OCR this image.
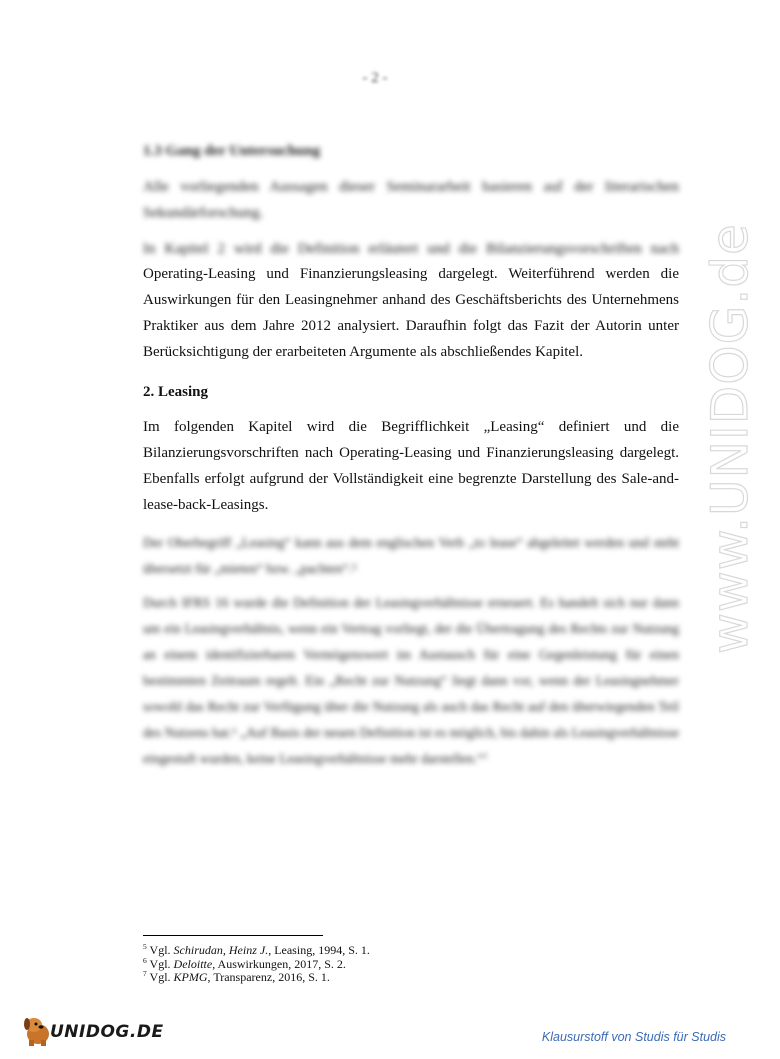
- 2 -

1.3 Gang der Untersuchung

Alle vorliegenden Aussagen dieser Seminararbeit basieren auf der literarischen Sekundärforschung.

In Kapitel 2 wird die Definition erläutert und die Bilanzierungsvorschriften nach

Operating-Leasing und Finanzierungsleasing dargelegt. Weiterführend werden die Auswirkungen für den Leasingnehmer anhand des Geschäftsberichts des Unternehmens Praktiker aus dem Jahre 2012 analysiert. Daraufhin folgt das Fazit der Autorin unter Berücksichtigung der erarbeiteten Argumente als abschließendes Kapitel.

2. Leasing

Im folgenden Kapitel wird die Begrifflichkeit „Leasing“ definiert und die Bilanzierungsvorschriften nach Operating-Leasing und Finanzierungsleasing dargelegt. Ebenfalls erfolgt aufgrund der Vollständigkeit eine begrenzte Darstellung des Sale-and-lease-back-Leasings.

Der Oberbegriff „Leasing“ kann aus dem englischen Verb „to lease“ abgeleitet werden und steht übersetzt für „mieten“ bzw. „pachten“.⁵

Durch IFRS 16 wurde die Definition der Leasingverhältnisse erneuert. Es handelt sich nur dann um ein Leasingverhältnis, wenn ein Vertrag vorliegt, der die Übertragung des Rechts zur Nutzung an einem identifizierbaren Vermögenswert im Austausch für eine Gegenleistung für einen bestimmten Zeitraum regelt. Ein „Recht zur Nutzung“ liegt dann vor, wenn der Leasingnehmer sowohl das Recht zur Verfügung über die Nutzung als auch das Recht auf den überwiegenden Teil des Nutzens hat.⁶ „Auf Basis der neuen Definition ist es möglich, bis dahin als Leasingverhältnisse eingestuft wurden, keine Leasingverhältnisse mehr darstellen.“⁷

$^5$ Vgl. Schirudan, Heinz J., Leasing, 1994, S. 1.
$^6$ Vgl. Deloitte, Auswirkungen, 2017, S. 2.
$^7$ Vgl. KPMG, Transparenz, 2016, S. 1.
www.UNIDOG.de
UNIDOG.DE	Klausurstoff von Studis für Studis
